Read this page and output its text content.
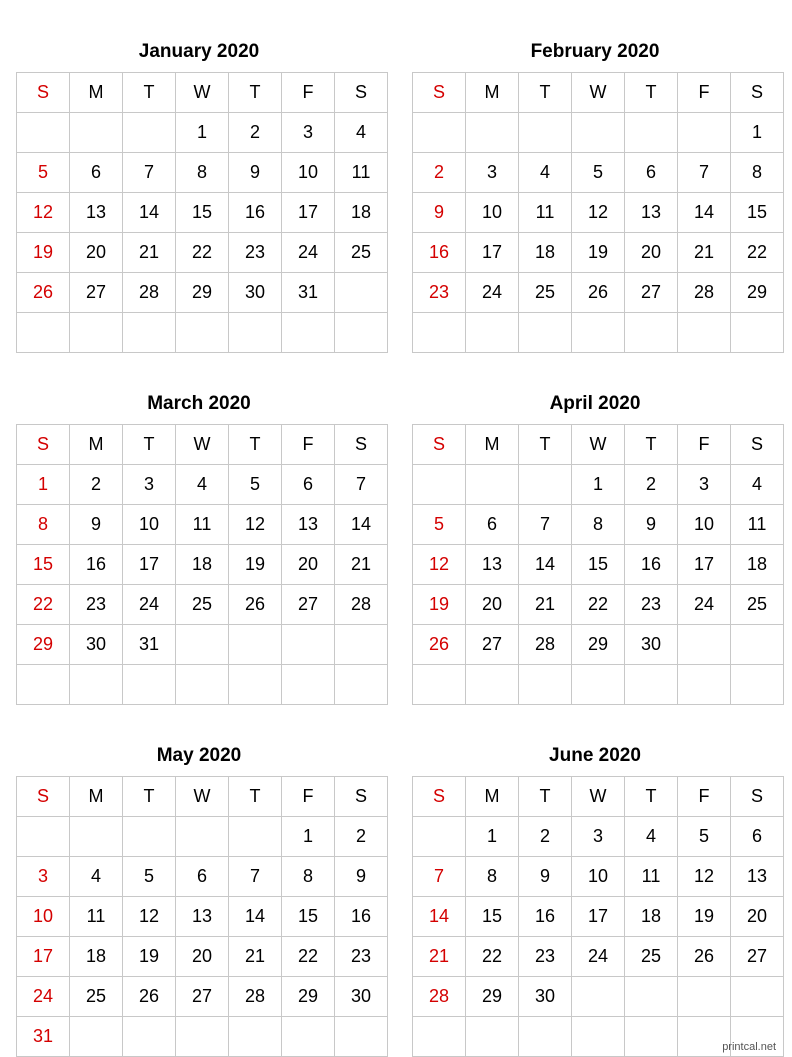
January 2020
S	M	T	W	T	F	S
			1	2	3	4
5	6	7	8	9	10	11
12	13	14	15	16	17	18
19	20	21	22	23	24	25
26	27	28	29	30	31	

February 2020
S	M	T	W	T	F	S
						1
2	3	4	5	6	7	8
9	10	11	12	13	14	15
16	17	18	19	20	21	22
23	24	25	26	27	28	29

March 2020
S	M	T	W	T	F	S
1	2	3	4	5	6	7
8	9	10	11	12	13	14
15	16	17	18	19	20	21
22	23	24	25	26	27	28
29	30	31				

April 2020
S	M	T	W	T	F	S
			1	2	3	4
5	6	7	8	9	10	11
12	13	14	15	16	17	18
19	20	21	22	23	24	25
26	27	28	29	30		

May 2020
S	M	T	W	T	F	S
					1	2
3	4	5	6	7	8	9
10	11	12	13	14	15	16
17	18	19	20	21	22	23
24	25	26	27	28	29	30
31						
June 2020
S	M	T	W	T	F	S
	1	2	3	4	5	6
7	8	9	10	11	12	13
14	15	16	17	18	19	20
21	22	23	24	25	26	27
28	29	30				

printcal.net
